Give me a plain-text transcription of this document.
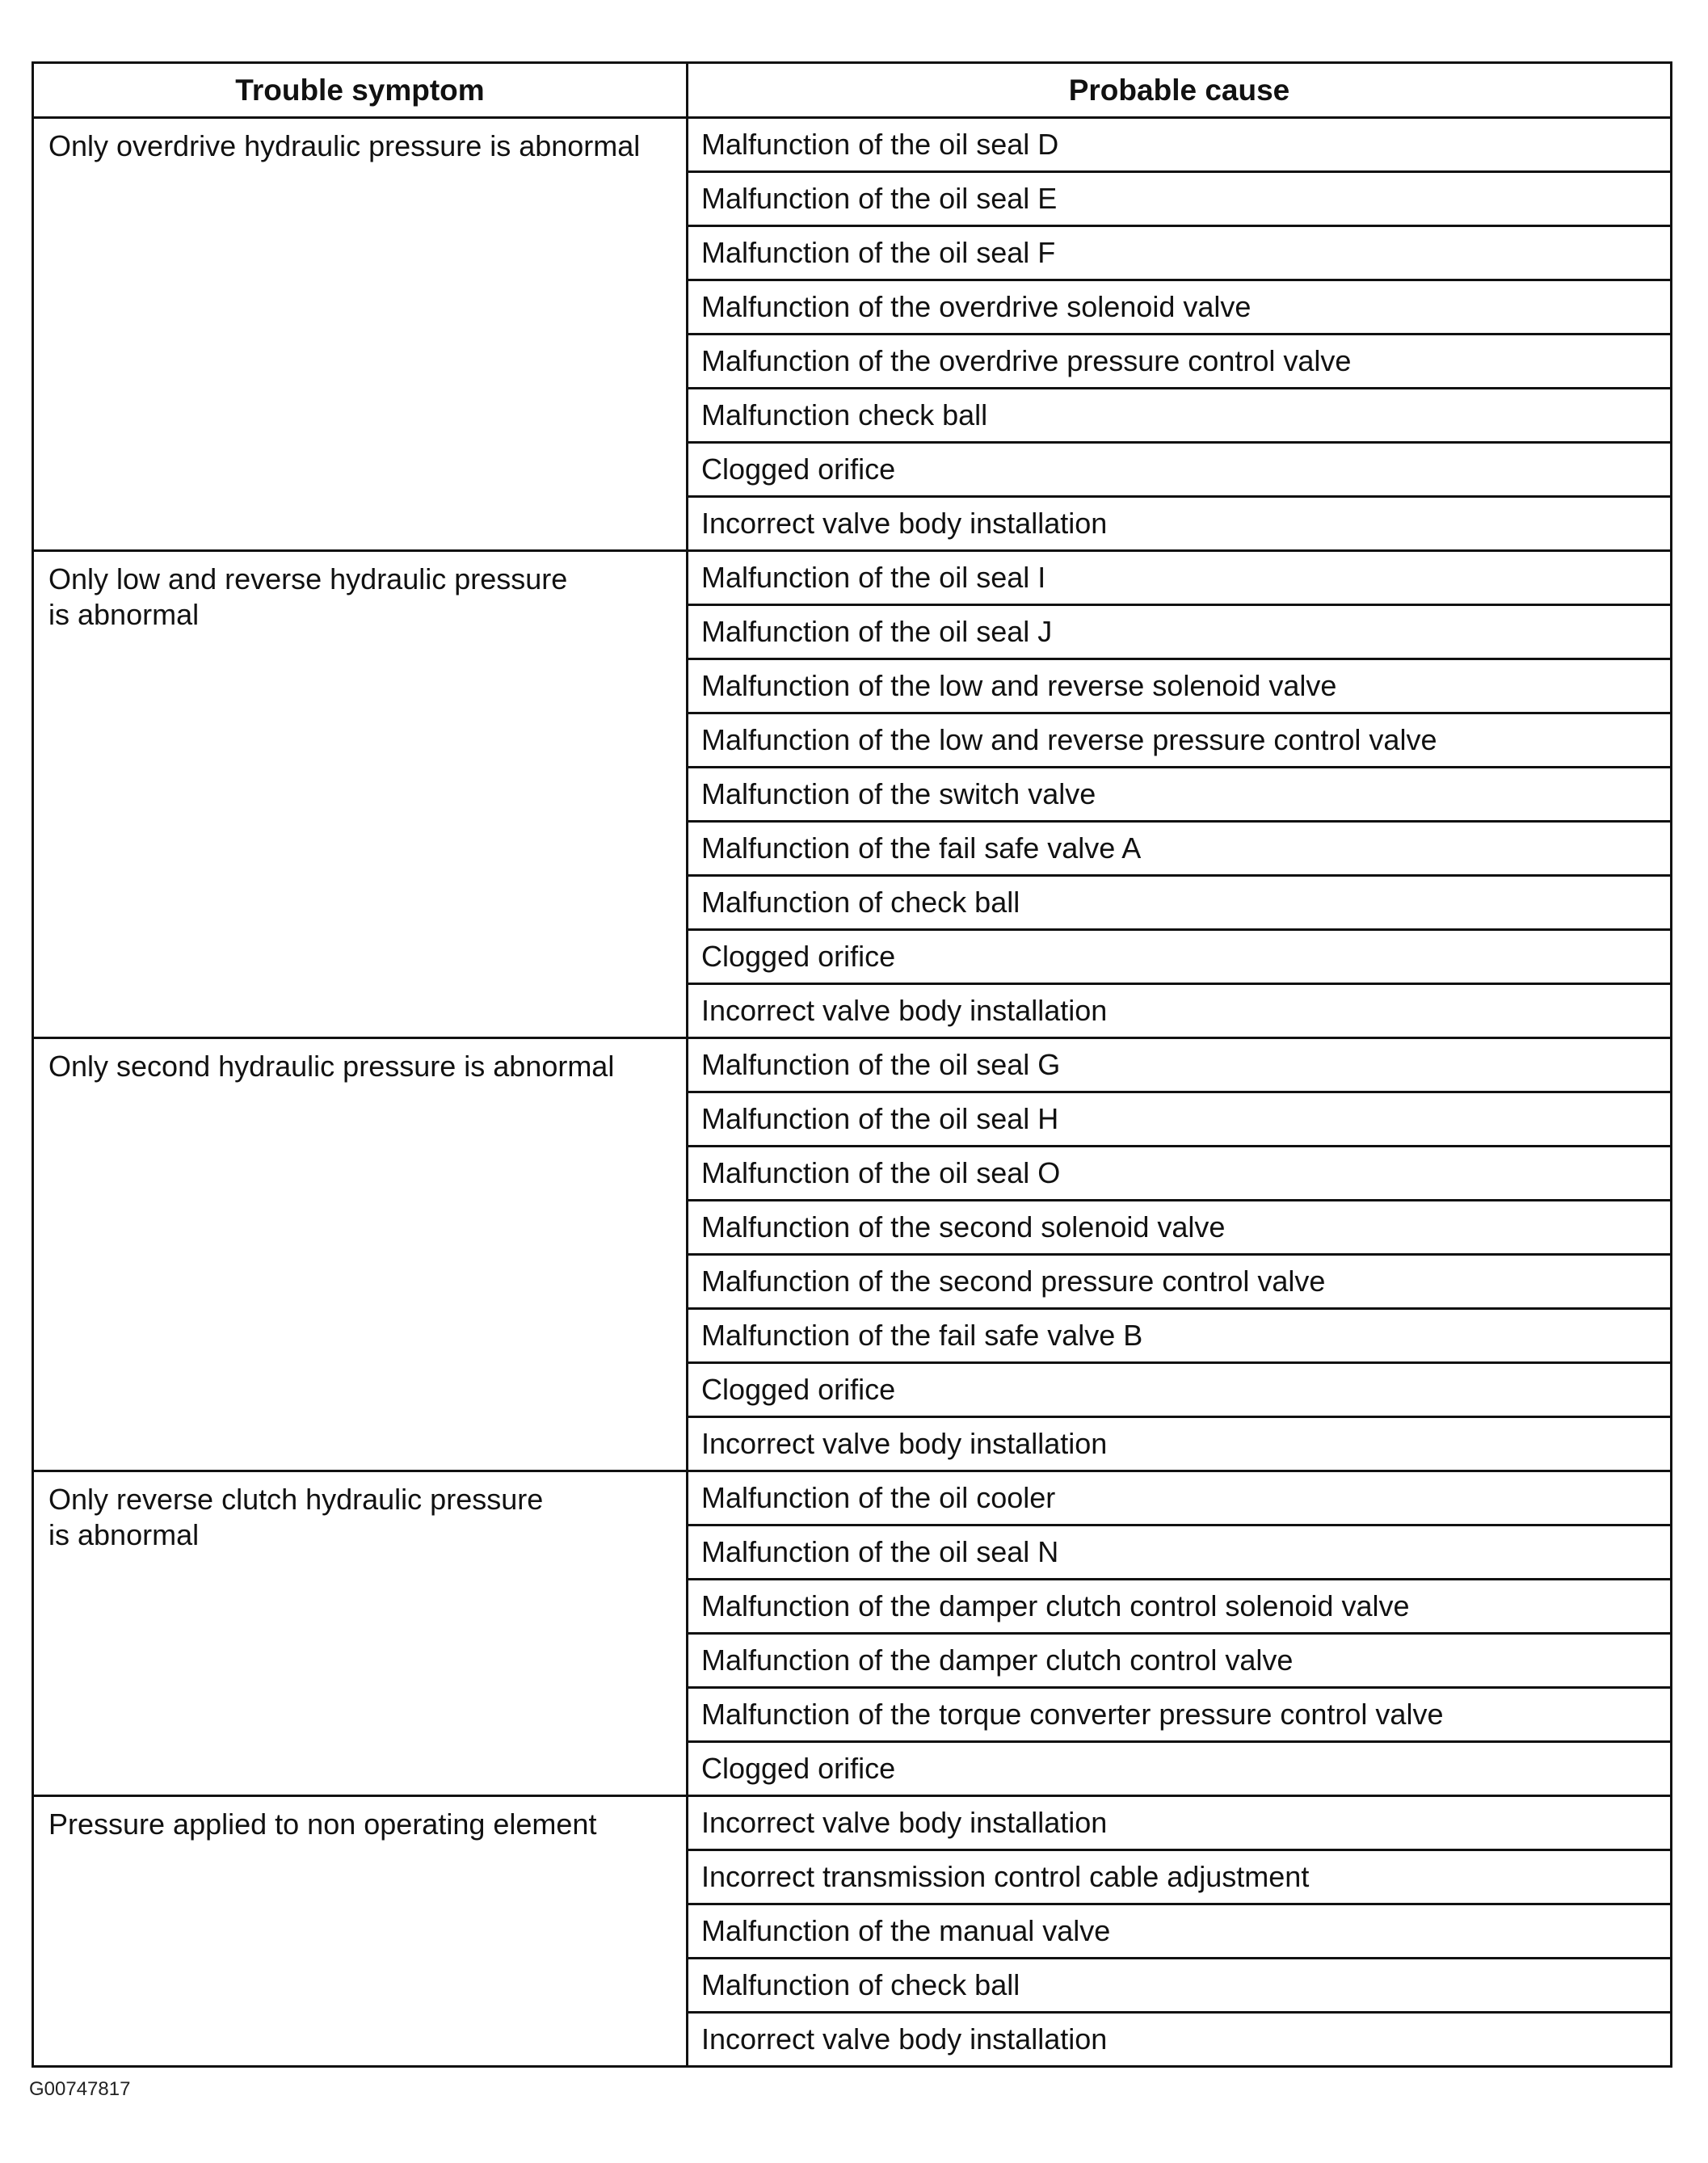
Trouble symptom	Probable cause
Only overdrive hydraulic pressure is abnormal	Malfunction of the oil seal D
	Malfunction of the oil seal E
	Malfunction of the oil seal F
	Malfunction of the overdrive solenoid valve
	Malfunction of the overdrive pressure control valve
	Malfunction check ball
	Clogged orifice
	Incorrect valve body installation
Only low and reverse hydraulic pressure
is abnormal	Malfunction of the oil seal I
	Malfunction of the oil seal J
	Malfunction of the low and reverse solenoid valve
	Malfunction of the low and reverse pressure control valve
	Malfunction of the switch valve
	Malfunction of the fail safe valve A
	Malfunction of check ball
	Clogged orifice
	Incorrect valve body installation
Only second hydraulic pressure is abnormal	Malfunction of the oil seal G
	Malfunction of the oil seal H
	Malfunction of the oil seal O
	Malfunction of the second solenoid valve
	Malfunction of the second pressure control valve
	Malfunction of the fail safe valve B
	Clogged orifice
	Incorrect valve body installation
Only reverse clutch hydraulic pressure
is abnormal	Malfunction of the oil cooler
	Malfunction of the oil seal N
	Malfunction of the damper clutch control solenoid valve
	Malfunction of the damper clutch control valve
	Malfunction of the torque converter pressure control valve
	Clogged orifice
Pressure applied to non operating element	Incorrect valve body installation
	Incorrect transmission control cable adjustment
	Malfunction of the manual valve
	Malfunction of check ball
	Incorrect valve body installation
G00747817
